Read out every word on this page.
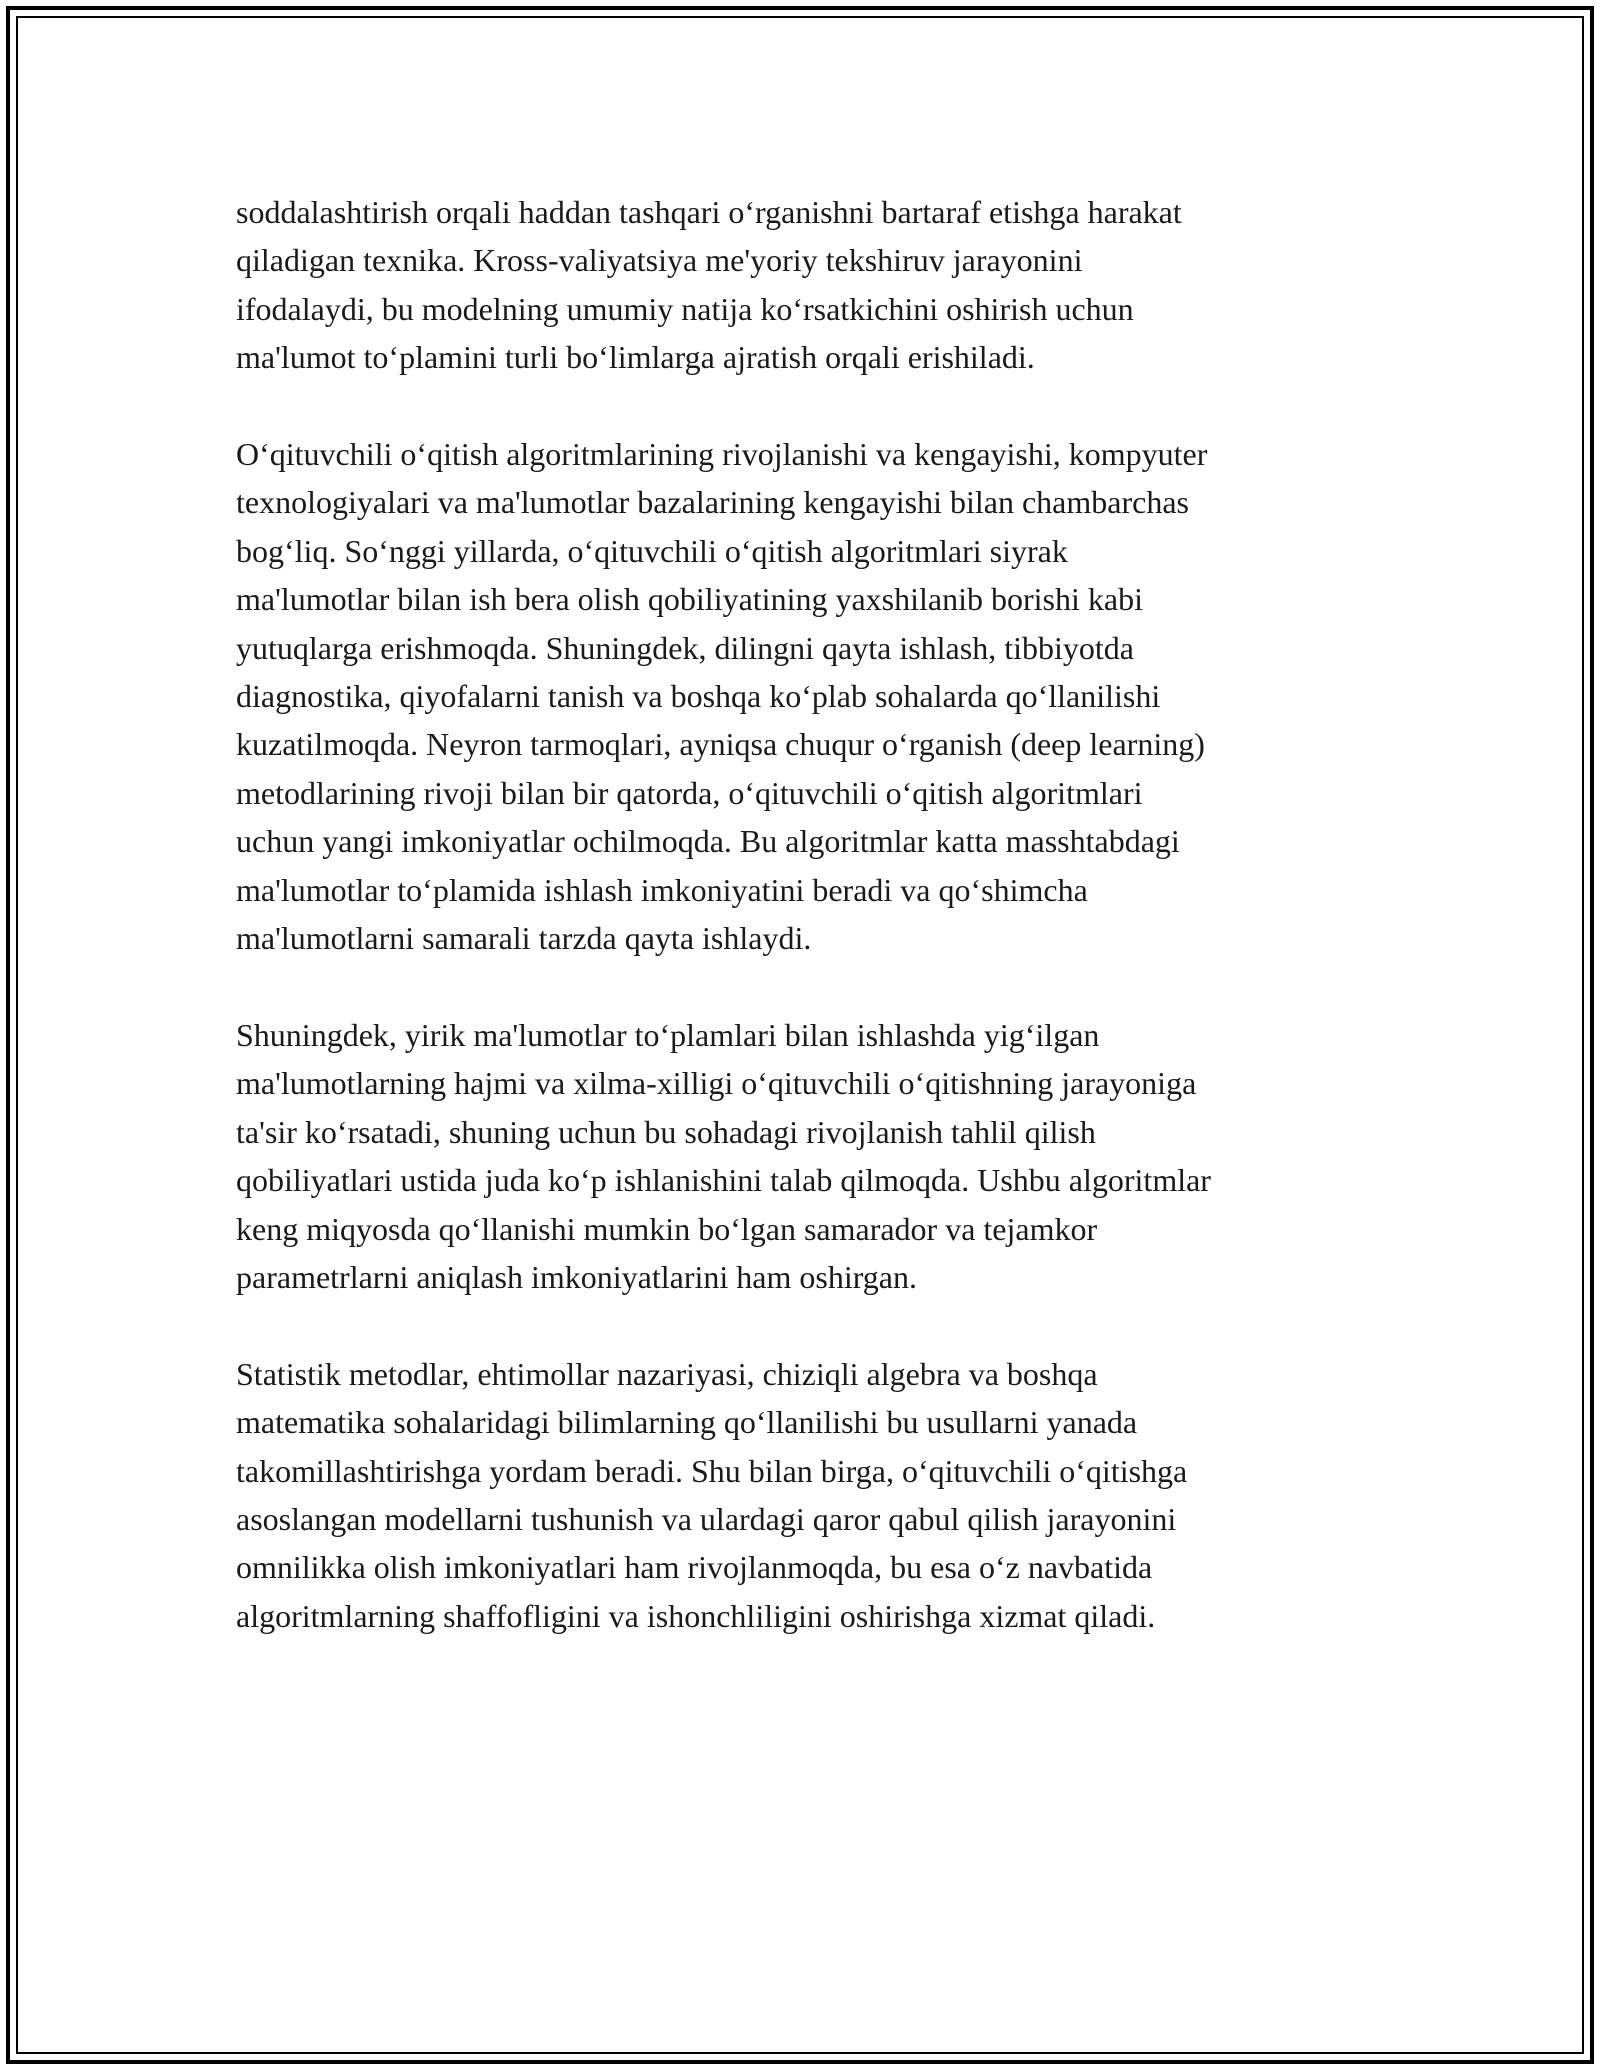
soddalashtirish orqali haddan tashqari o‘rganishni bartaraf etishga harakat
qiladigan texnika. Kross-valiyatsiya me'yoriy tekshiruv jarayonini
ifodalaydi, bu modelning umumiy natija ko‘rsatkichini oshirish uchun
ma'lumot to‘plamini turli bo‘limlarga ajratish orqali erishiladi.

O‘qituvchili o‘qitish algoritmlarining rivojlanishi va kengayishi, kompyuter
texnologiyalari va ma'lumotlar bazalarining kengayishi bilan chambarchas
bog‘liq. So‘nggi yillarda, o‘qituvchili o‘qitish algoritmlari siyrak
ma'lumotlar bilan ish bera olish qobiliyatining yaxshilanib borishi kabi
yutuqlarga erishmoqda. Shuningdek, dilingni qayta ishlash, tibbiyotda
diagnostika, qiyofalarni tanish va boshqa ko‘plab sohalarda qo‘llanilishi
kuzatilmoqda. Neyron tarmoqlari, ayniqsa chuqur o‘rganish (deep learning)
metodlarining rivoji bilan bir qatorda, o‘qituvchili o‘qitish algoritmlari
uchun yangi imkoniyatlar ochilmoqda. Bu algoritmlar katta masshtabdagi
ma'lumotlar to‘plamida ishlash imkoniyatini beradi va qo‘shimcha
ma'lumotlarni samarali tarzda qayta ishlaydi.

Shuningdek, yirik ma'lumotlar to‘plamlari bilan ishlashda yig‘ilgan
ma'lumotlarning hajmi va xilma-xilligi o‘qituvchili o‘qitishning jarayoniga
ta'sir ko‘rsatadi, shuning uchun bu sohadagi rivojlanish tahlil qilish
qobiliyatlari ustida juda ko‘p ishlanishini talab qilmoqda. Ushbu algoritmlar
keng miqyosda qo‘llanishi mumkin bo‘lgan samarador va tejamkor
parametrlarni aniqlash imkoniyatlarini ham oshirgan.

Statistik metodlar, ehtimollar nazariyasi, chiziqli algebra va boshqa
matematika sohalaridagi bilimlarning qo‘llanilishi bu usullarni yanada
takomillashtirishga yordam beradi. Shu bilan birga, o‘qituvchili o‘qitishga
asoslangan modellarni tushunish va ulardagi qaror qabul qilish jarayonini
omnilikka olish imkoniyatlari ham rivojlanmoqda, bu esa o‘z navbatida
algoritmlarning shaffofligini va ishonchliligini oshirishga xizmat qiladi.
